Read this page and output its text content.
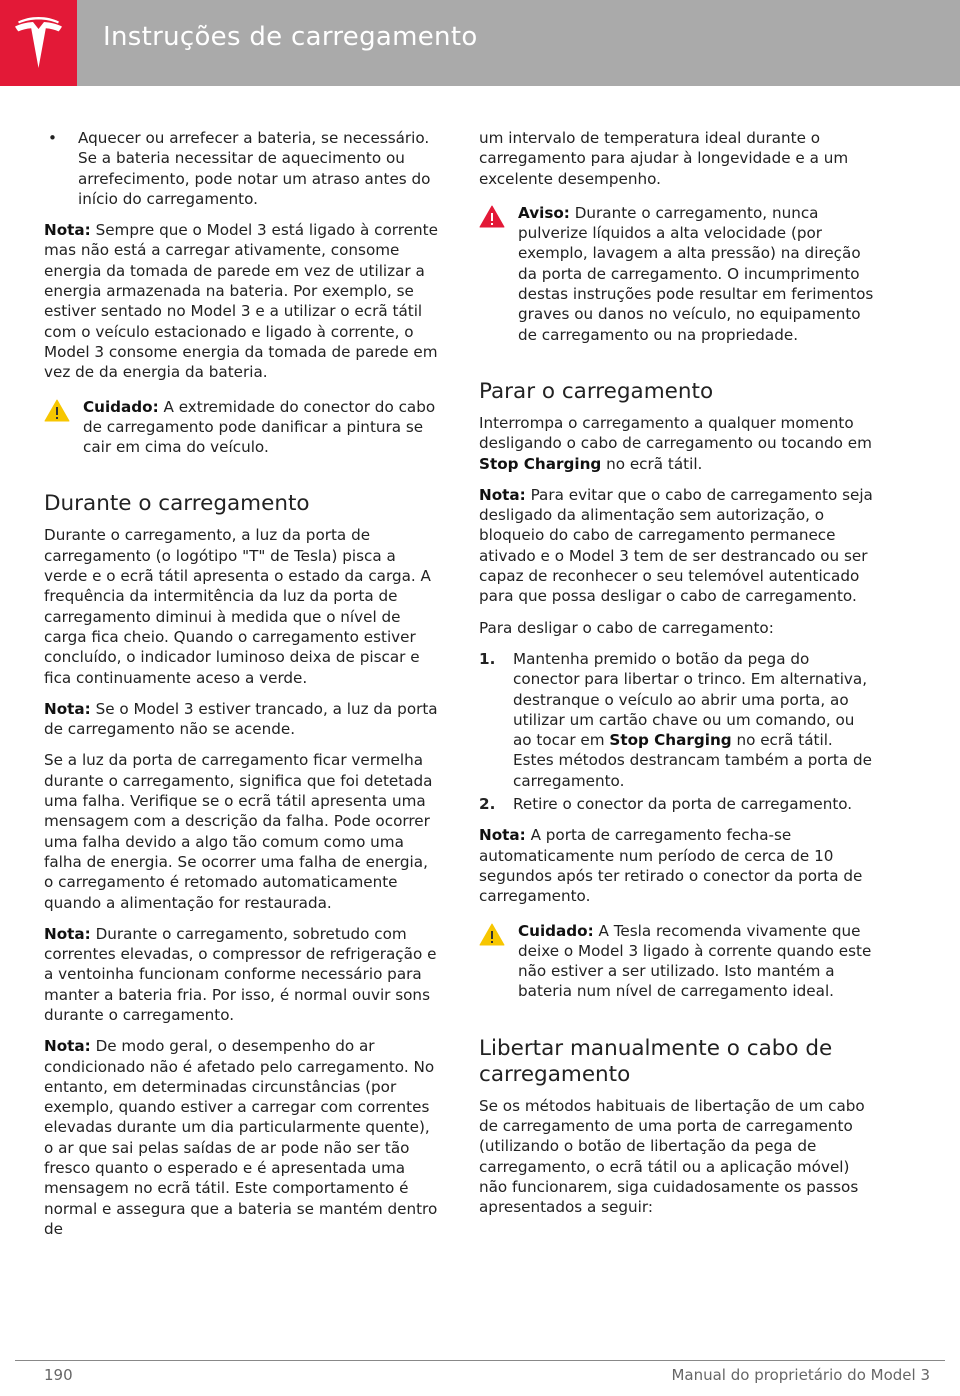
Instruções de carregamento
• Aquecer ou arrefecer a bateria, se necessário. Se a bateria necessitar de aquecimento ou arrefecimento, pode notar um atraso antes do início do carregamento.

Nota: Sempre que o Model 3 está ligado à corrente mas não está a carregar ativamente, consome energia da tomada de parede em vez de utilizar a energia armazenada na bateria. Por exemplo, se estiver sentado no Model 3 e a utilizar o ecrã tátil com o veículo estacionado e ligado à corrente, o Model 3 consome energia da tomada de parede em vez de da energia da bateria.

Cuidado: A extremidade do conector do cabo de carregamento pode danificar a pintura se cair em cima do veículo.
Durante o carregamento

Durante o carregamento, a luz da porta de carregamento (o logótipo "T" de Tesla) pisca a verde e o ecrã tátil apresenta o estado da carga. A frequência da intermitência da luz da porta de carregamento diminui à medida que o nível de carga fica cheio. Quando o carregamento estiver concluído, o indicador luminoso deixa de piscar e fica continuamente aceso a verde.

Nota: Se o Model 3 estiver trancado, a luz da porta de carregamento não se acende.

Se a luz da porta de carregamento ficar vermelha durante o carregamento, significa que foi detetada uma falha. Verifique se o ecrã tátil apresenta uma mensagem com a descrição da falha. Pode ocorrer uma falha devido a algo tão comum como uma falha de energia. Se ocorrer uma falha de energia, o carregamento é retomado automaticamente quando a alimentação for restaurada.

Nota: Durante o carregamento, sobretudo com correntes elevadas, o compressor de refrigeração e a ventoinha funcionam conforme necessário para manter a bateria fria. Por isso, é normal ouvir sons durante o carregamento.

Nota: De modo geral, o desempenho do ar condicionado não é afetado pelo carregamento. No entanto, em determinadas circunstâncias (por exemplo, quando estiver a carregar com correntes elevadas durante um dia particularmente quente), o ar que sai pelas saídas de ar pode não ser tão fresco quanto o esperado e é apresentada uma mensagem no ecrã tátil. Este comportamento é normal e assegura que a bateria se mantém dentro de

um intervalo de temperatura ideal durante o carregamento para ajudar à longevidade e a um excelente desempenho.

Aviso: Durante o carregamento, nunca pulverize líquidos a alta velocidade (por exemplo, lavagem a alta pressão) na direção da porta de carregamento. O incumprimento destas instruções pode resultar em ferimentos graves ou danos no veículo, no equipamento de carregamento ou na propriedade.
Parar o carregamento

Interrompa o carregamento a qualquer momento desligando o cabo de carregamento ou tocando em Stop Charging no ecrã tátil.

Nota: Para evitar que o cabo de carregamento seja desligado da alimentação sem autorização, o bloqueio do cabo de carregamento permanece ativado e o Model 3 tem de ser destrancado ou ser capaz de reconhecer o seu telemóvel autenticado para que possa desligar o cabo de carregamento.

Para desligar o cabo de carregamento:

1. Mantenha premido o botão da pega do conector para libertar o trinco. Em alternativa, destranque o veículo ao abrir uma porta, ao utilizar um cartão chave ou um comando, ou ao tocar em Stop Charging no ecrã tátil. Estes métodos destrancam também a porta de carregamento.
2. Retire o conector da porta de carregamento.

Nota: A porta de carregamento fecha-se automaticamente num período de cerca de 10 segundos após ter retirado o conector da porta de carregamento.

Cuidado: A Tesla recomenda vivamente que deixe o Model 3 ligado à corrente quando este não estiver a ser utilizado. Isto mantém a bateria num nível de carregamento ideal.
Libertar manualmente o cabo de carregamento

Se os métodos habituais de libertação de um cabo de carregamento de uma porta de carregamento (utilizando o botão de libertação da pega de carregamento, o ecrã tátil ou a aplicação móvel) não funcionarem, siga cuidadosamente os passos apresentados a seguir:

190	Manual do proprietário do Model 3
